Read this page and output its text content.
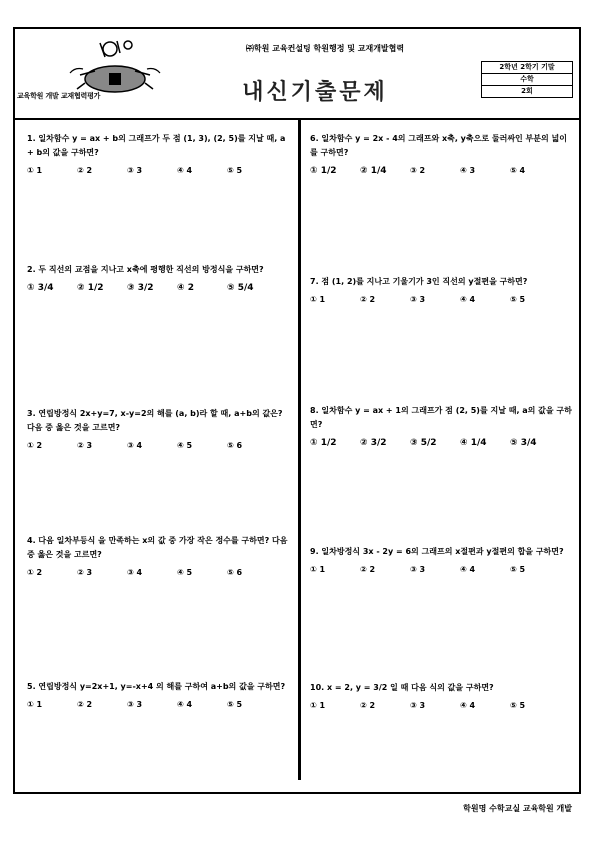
교육학원 개발 교재협력평가
㈜학원 교육컨설팅 학원행정 및 교재개발협력
내신기출문제
2학년 2학기 기말
수학
2회
1. 일차함수 y = ax + b의 그래프가 두 점 (1, 3), (2, 5)를 지날 때, a + b의 값을 구하면?
① 1	② 2	③ 3	④ 4	⑤ 5
2. 두 직선의 교점을 지나고 x축에 평행한 직선의 방정식을 구하면?
① 3/4	② 1/2	③ 3/2	④ 2	⑤ 5/4
3. 연립방정식 2x+y=7, x-y=2의 해를 (a, b)라 할 때, a+b의 값은? 다음 중 옳은 것을 고르면?
① 2	② 3	③ 4	④ 5	⑤ 6
4. 다음 일차부등식 을 만족하는 x의 값 중 가장 작은 정수를 구하면? 다음 중 옳은 것을 고르면?
① 2	② 3	③ 4	④ 5	⑤ 6
5. 연립방정식 y=2x+1, y=-x+4 의 해를 구하여 a+b의 값을 구하면?
① 1	② 2	③ 3	④ 4	⑤ 5
6. 일차함수 y = 2x - 4의 그래프와 x축, y축으로 둘러싸인 부분의 넓이를 구하면?
① 1/2	② 1/4	③ 2	④ 3	⑤ 4
7. 점 (1, 2)를 지나고 기울기가 3인 직선의 y절편을 구하면?
① 1	② 2	③ 3	④ 4	⑤ 5
8. 일차함수 y = ax + 1의 그래프가 점 (2, 5)를 지날 때, a의 값을 구하면?
① 1/2	② 3/2	③ 5/2	④ 1/4	⑤ 3/4
9. 일차방정식 3x - 2y = 6의 그래프의 x절편과 y절편의 합을 구하면?
① 1	② 2	③ 3	④ 4	⑤ 5
10. x = 2, y = 3/2 일 때 다음 식의 값을 구하면?
① 1	② 2	③ 3	④ 4	⑤ 5
학원명 수학교실 교육학원 개발
